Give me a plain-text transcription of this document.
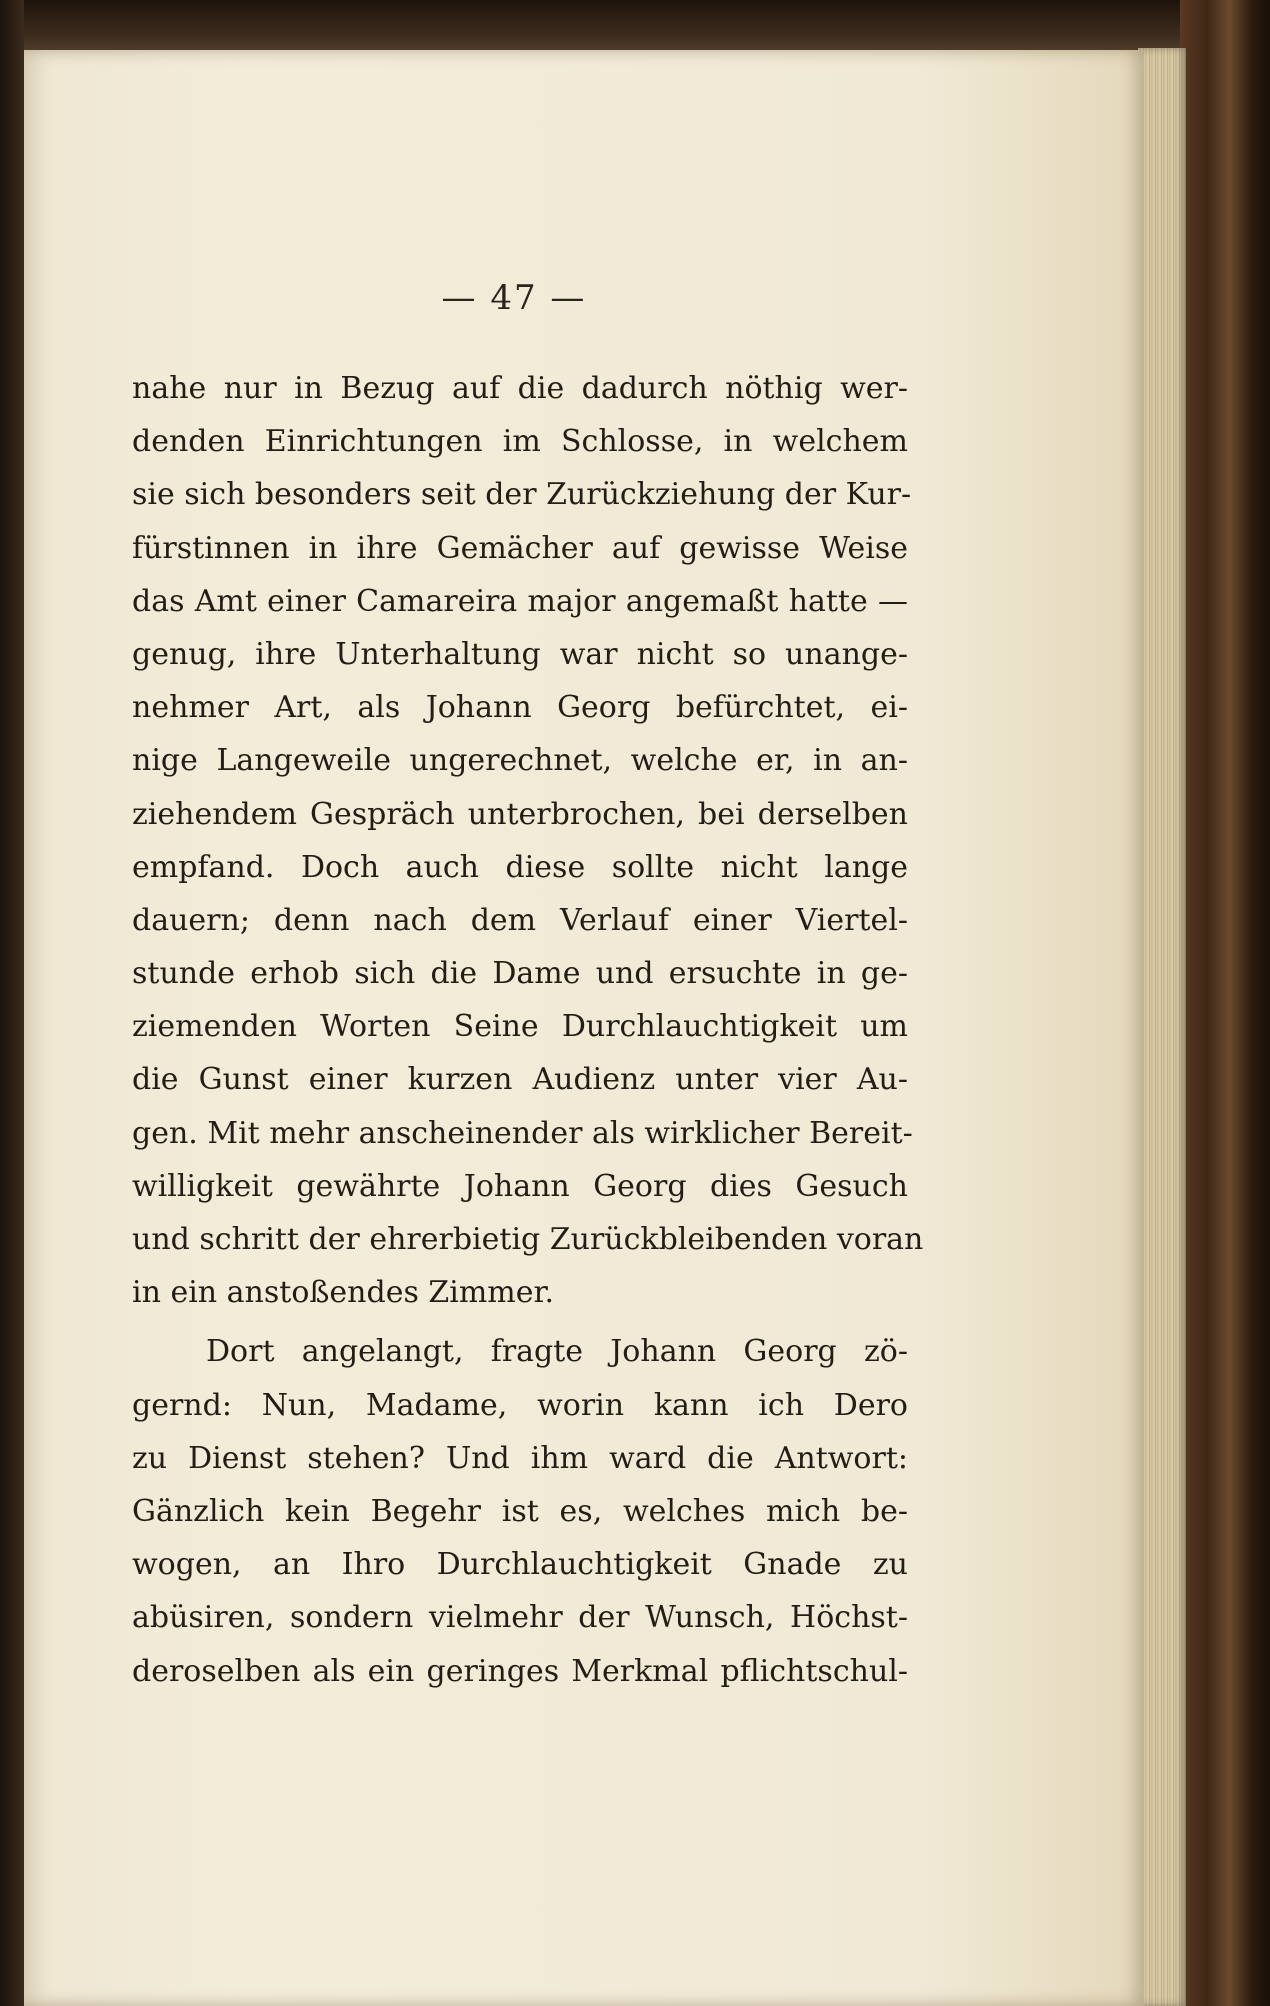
— 47 —
nahe nur in Bezug auf die dadurch nöthig wer-
denden Einrichtungen im Schlosse, in welchem
sie sich besonders seit der Zurückziehung der Kur-
fürstinnen in ihre Gemächer auf gewisse Weise
das Amt einer Camareira major angemaßt hatte —
genug, ihre Unterhaltung war nicht so unange-
nehmer Art, als Johann Georg befürchtet, ei-
nige Langeweile ungerechnet, welche er, in an-
ziehendem Gespräch unterbrochen, bei derselben
empfand. Doch auch diese sollte nicht lange
dauern; denn nach dem Verlauf einer Viertel-
stunde erhob sich die Dame und ersuchte in ge-
ziemenden Worten Seine Durchlauchtigkeit um
die Gunst einer kurzen Audienz unter vier Au-
gen. Mit mehr anscheinender als wirklicher Bereit-
willigkeit gewährte Johann Georg dies Gesuch
und schritt der ehrerbietig Zurückbleibenden voran
in ein anstoßendes Zimmer.
Dort angelangt, fragte Johann Georg zö-
gernd: Nun, Madame, worin kann ich Dero
zu Dienst stehen? Und ihm ward die Antwort:
Gänzlich kein Begehr ist es, welches mich be-
wogen, an Ihro Durchlauchtigkeit Gnade zu
abüsiren, sondern vielmehr der Wunsch, Höchst-
deroselben als ein geringes Merkmal pflichtschul-
